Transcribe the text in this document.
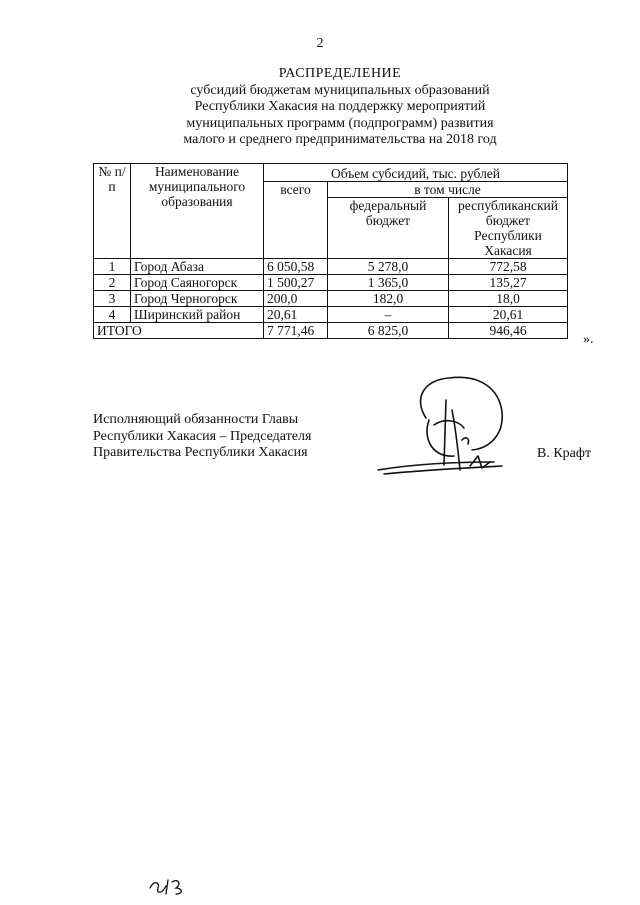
2
РАСПРЕДЕЛЕНИЕ
субсидий бюджетам муниципальных образований
Республики Хакасия на поддержку мероприятий
муниципальных программ (подпрограмм) развития
малого и среднего предпринимательства на 2018 год
№ п/п	Наименование муниципального образования	Объем субсидий, тыс. рублей		
		всего	в том числе	
			федеральный бюджет	республиканский бюджет Республики Хакасия
1	Город Абаза	6 050,58	5 278,0	772,58
2	Город Саяногорск	1 500,27	1 365,0	135,27
3	Город Черногорск	200,0	182,0	18,0
4	Ширинский район	20,61	–	20,61
ИТОГО		7 771,46	6 825,0	946,46
».
Исполняющий обязанности Главы
Республики Хакасия – Председателя
Правительства Республики Хакасия	В. Крафт
